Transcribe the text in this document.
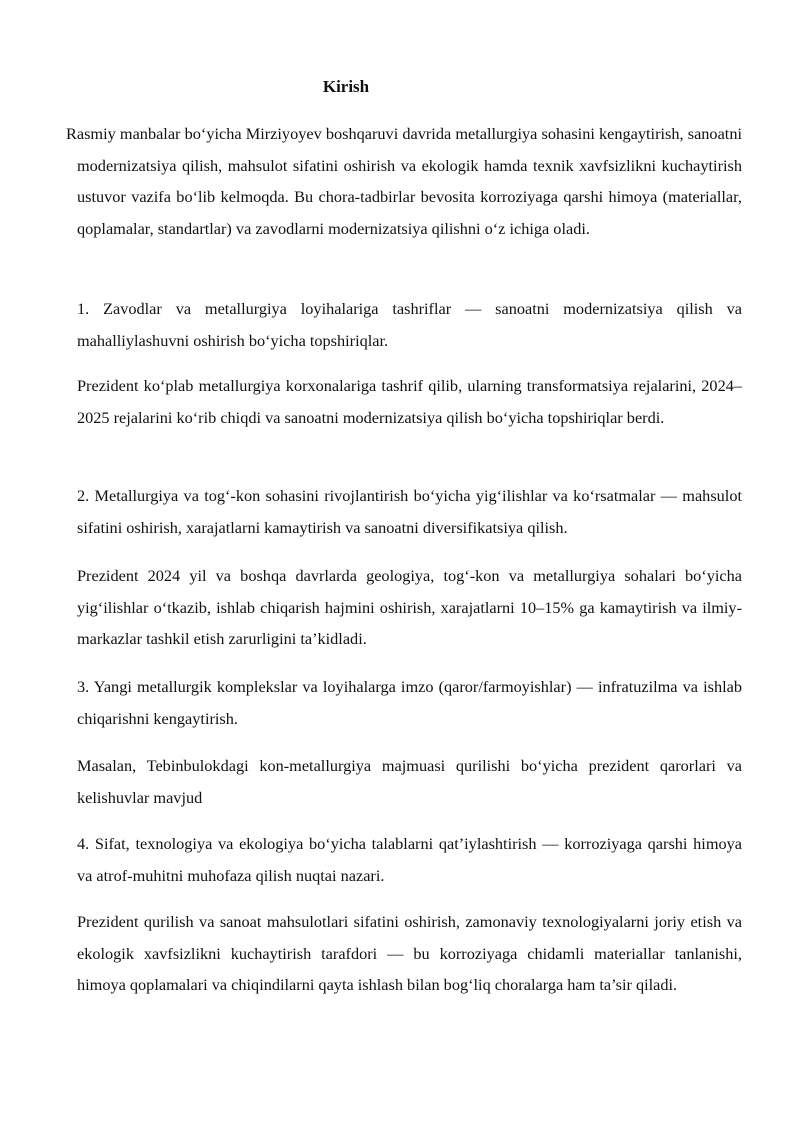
Kirish

Rasmiy manbalar bo‘yicha Mirziyoyev boshqaruvi davrida metallurgiya sohasini kengaytirish, sanoatni modernizatsiya qilish, mahsulot sifatini oshirish va ekologik hamda texnik xavfsizlikni kuchaytirish ustuvor vazifa bo‘lib kelmoqda. Bu chora-tadbirlar bevosita korroziyaga qarshi himoya (materiallar, qoplamalar, standartlar) va zavodlarni modernizatsiya qilishni o‘z ichiga oladi.

1. Zavodlar va metallurgiya loyihalariga tashriflar — sanoatni modernizatsiya qilish va mahalliylashuvni oshirish bo‘yicha topshiriqlar.

Prezident ko‘plab metallurgiya korxonalariga tashrif qilib, ularning transformatsiya rejalarini, 2024–2025 rejalarini ko‘rib chiqdi va sanoatni modernizatsiya qilish bo‘yicha topshiriqlar berdi.

2. Metallurgiya va tog‘-kon sohasini rivojlantirish bo‘yicha yig‘ilishlar va ko‘rsatmalar — mahsulot sifatini oshirish, xarajatlarni kamaytirish va sanoatni diversifikatsiya qilish.

Prezident 2024 yil va boshqa davrlarda geologiya, tog‘-kon va metallurgiya sohalari bo‘yicha yig‘ilishlar o‘tkazib, ishlab chiqarish hajmini oshirish, xarajatlarni 10–15% ga kamaytirish va ilmiy-markazlar tashkil etish zarurligini ta’kidladi.

3. Yangi metallurgik komplekslar va loyihalarga imzo (qaror/farmoyishlar) — infratuzilma va ishlab chiqarishni kengaytirish.

Masalan, Tebinbulokdagi kon-metallurgiya majmuasi qurilishi bo‘yicha prezident qarorlari va kelishuvlar mavjud

4. Sifat, texnologiya va ekologiya bo‘yicha talablarni qat’iylashtirish — korroziyaga qarshi himoya va atrof-muhitni muhofaza qilish nuqtai nazari.

Prezident qurilish va sanoat mahsulotlari sifatini oshirish, zamonaviy texnologiyalarni joriy etish va ekologik xavfsizlikni kuchaytirish tarafdori — bu korroziyaga chidamli materiallar tanlanishi, himoya qoplamalari va chiqindilarni qayta ishlash bilan bog‘liq choralarga ham ta’sir qiladi.
